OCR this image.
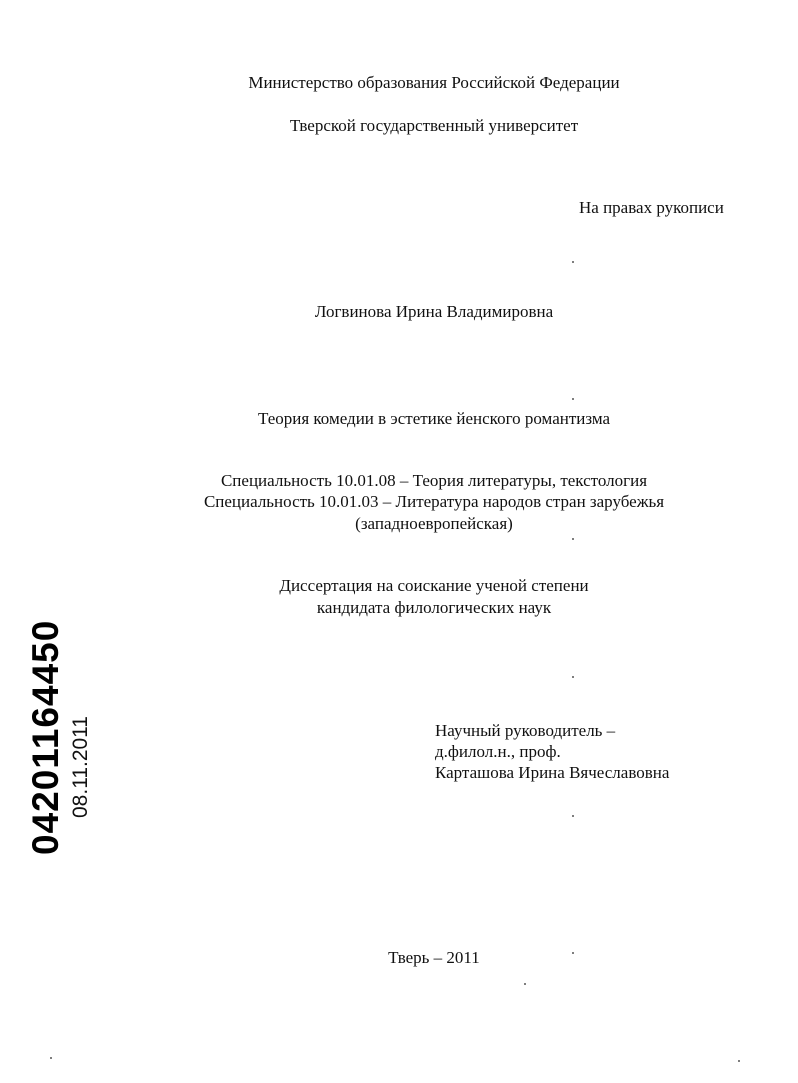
Министерство образования Российской Федерации
Тверской государственный университет
На правах рукописи
Логвинова Ирина Владимировна
Теория комедии в эстетике йенского романтизма
Специальность 10.01.08 – Теория литературы, текстология
Специальность 10.01.03 – Литература народов стран зарубежья
(западноевропейская)
Диссертация на соискание ученой степени
кандидата филологических наук
Научный руководитель –
д.филол.н., проф.
Карташова Ирина Вячеславовна
Тверь – 2011
04201164450 08.11.2011
